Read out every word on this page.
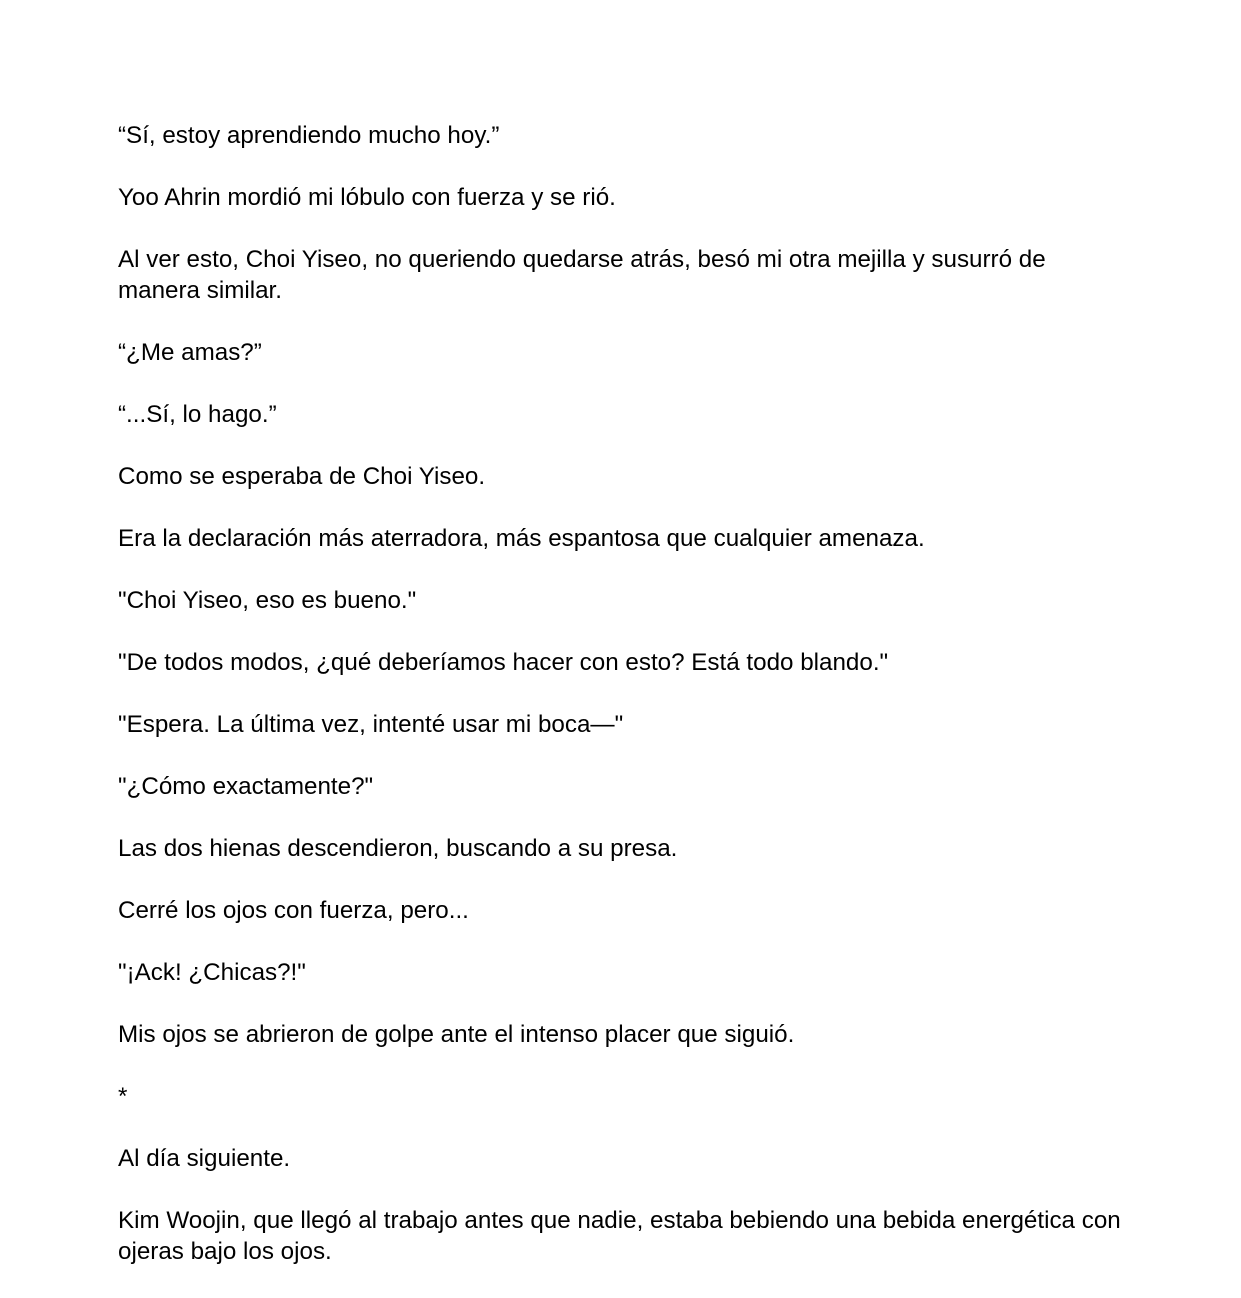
“Sí, estoy aprendiendo mucho hoy.”

Yoo Ahrin mordió mi lóbulo con fuerza y se rió.

Al ver esto, Choi Yiseo, no queriendo quedarse atrás, besó mi otra mejilla y susurró de manera similar.

“¿Me amas?”

“...Sí, lo hago.”

Como se esperaba de Choi Yiseo.

Era la declaración más aterradora, más espantosa que cualquier amenaza.

"Choi Yiseo, eso es bueno."

"De todos modos, ¿qué deberíamos hacer con esto? Está todo blando."

"Espera. La última vez, intenté usar mi boca—"

"¿Cómo exactamente?"

Las dos hienas descendieron, buscando a su presa.

Cerré los ojos con fuerza, pero...

"¡Ack! ¿Chicas?!"

Mis ojos se abrieron de golpe ante el intenso placer que siguió.

*

Al día siguiente.

Kim Woojin, que llegó al trabajo antes que nadie, estaba bebiendo una bebida energética con ojeras bajo los ojos.
